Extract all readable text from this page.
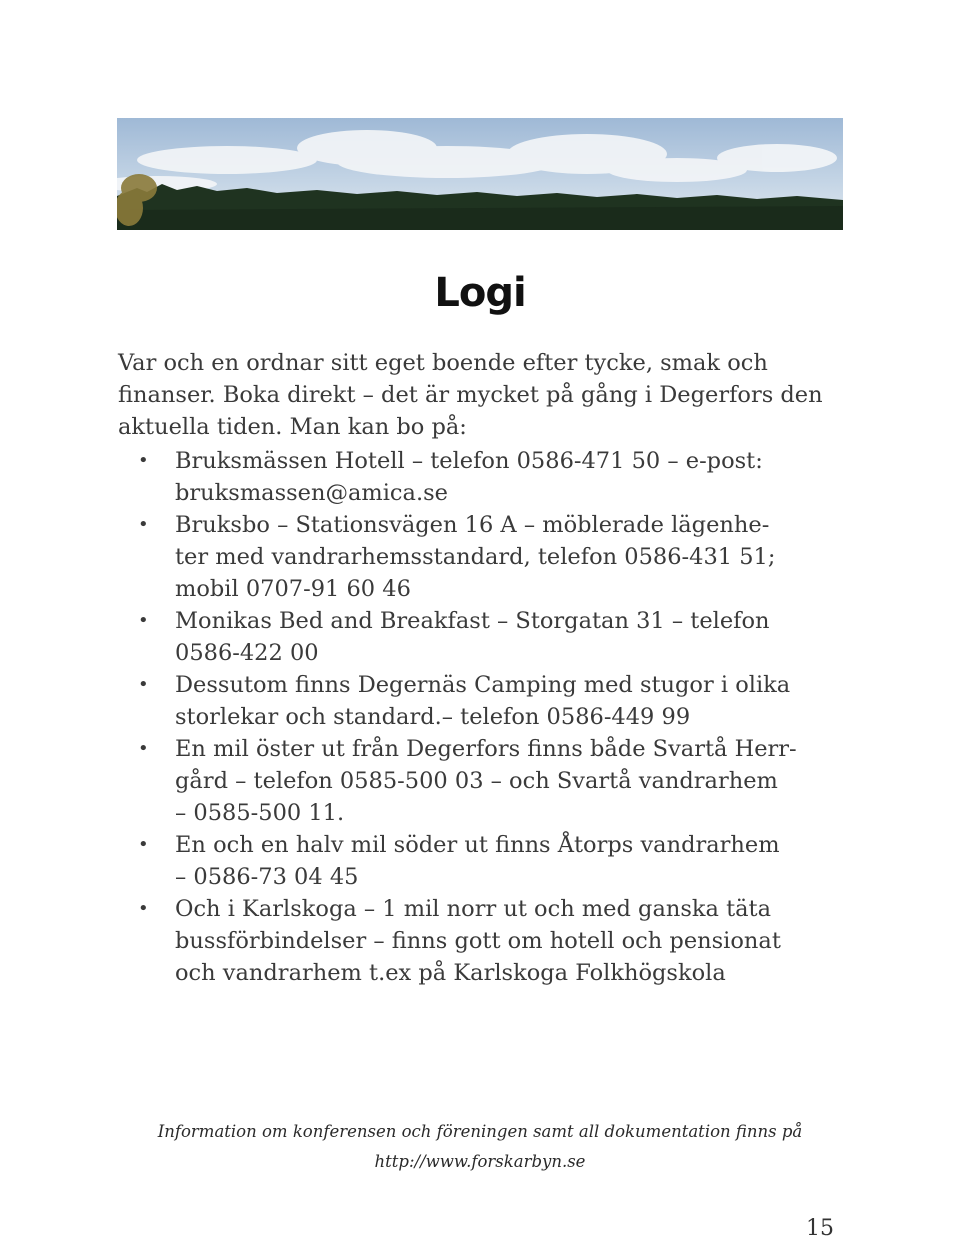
Logi

Var och en ordnar sitt eget boende efter tycke, smak och
finanser. Boka direkt – det är mycket på gång i Degerfors den
aktuella tiden. Man kan bo på:

• Bruksmässen Hotell – telefon 0586-471 50 – e-post:
bruksmassen@amica.se
• Bruksbo – Stationsvägen 16 A – möblerade lägenhe-
ter med vandrarhemsstandard, telefon 0586-431 51;
mobil 0707-91 60 46
• Monikas Bed and Breakfast – Storgatan 31 – telefon
0586-422 00
• Dessutom finns Degernäs Camping med stugor i olika
storlekar och standard.– telefon 0586-449 99
• En mil öster ut från Degerfors finns både Svartå Herr-
gård – telefon 0585-500 03 – och Svartå vandrarhem
– 0585-500 11.
• En och en halv mil söder ut finns Åtorps vandrarhem
– 0586-73 04 45
• Och i Karlskoga – 1 mil norr ut och med ganska täta
bussförbindelser – finns gott om hotell och pensionat
och vandrarhem t.ex på Karlskoga Folkhögskola
Information om konferensen och föreningen samt all dokumentation finns på
http://www.forskarbyn.se
15
